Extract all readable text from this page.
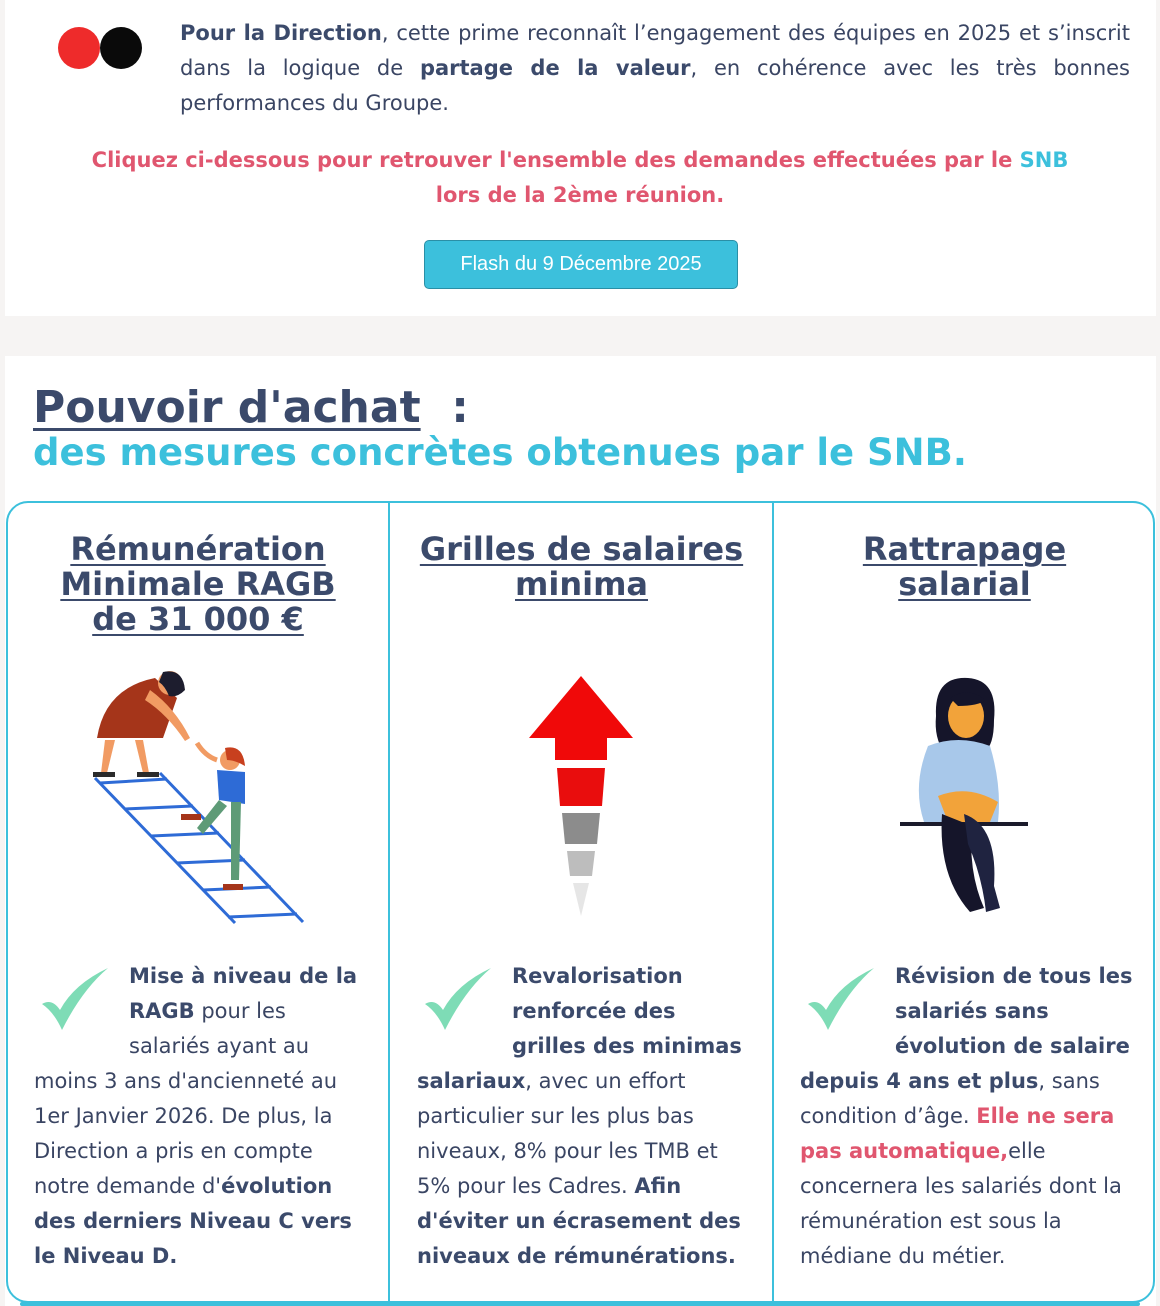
Pour la Direction, cette prime reconnaît l’engagement des équipes en 2025 et s’inscrit dans la logique de partage de la valeur, en cohérence avec les très bonnes performances du Groupe.

Cliquez ci-dessous pour retrouver l'ensemble des demandes effectuées par le SNB
lors de la 2ème réunion.

Flash du 9 Décembre 2025
Pouvoir d'achat :
des mesures concrètes obtenues par le SNB.
Rémunération
Minimale RAGB
de 31 000 €

Mise à niveau de la RAGB pour les salariés ayant au moins 3 ans d'ancienneté au 1er Janvier 2026. De plus, la Direction a pris en compte notre demande d'évolution des derniers Niveau C vers le Niveau D.

Grilles de salaires
minima

Revalorisation renforcée des grilles des minimas salariaux, avec un effort particulier sur les plus bas niveaux, 8% pour les TMB et 5% pour les Cadres. Afin d'éviter un écrasement des niveaux de rémunérations.

Rattrapage
salarial

Révision de tous les salariés sans évolution de salaire depuis 4 ans et plus, sans condition d’âge. Elle ne sera pas automatique,elle concernera les salariés dont la rémunération est sous la médiane du métier.
